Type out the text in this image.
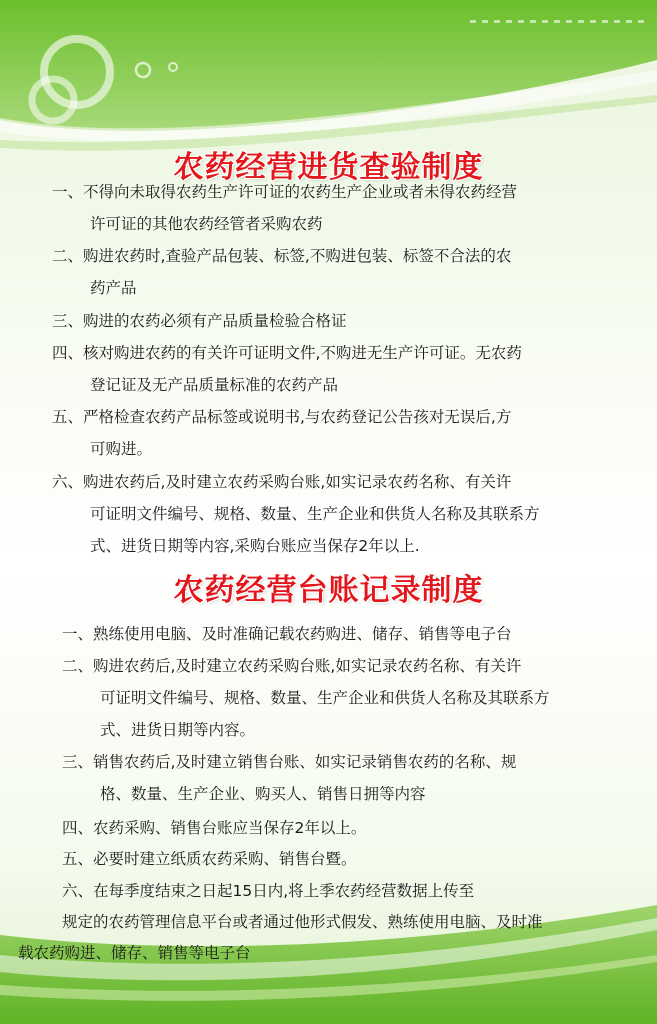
农药经营进货查验制度
一、不得向未取得农药生产许可证的农药生产企业或者未得农药经营
许可证的其他农药经管者采购农药
二、购进农药时,查验产品包装、标签,不购进包装、标签不合法的农
药产品
三、购进的农药必须有产品质量检验合格证
四、核对购进农药的有关许可证明文件,不购进无生产许可证。无农药
登记证及无产品质量标准的农药产品
五、严格检查农药产品标签或说明书,与农药登记公告孩对无误后,方
可购进。
六、购进农药后,及时建立农药采购台账,如实记录农药名称、有关许
可证明文件编号、规格、数量、生产企业和供货人名称及其联系方
式、进货日期等内容,采购台账应当保存2年以上.
农药经营台账记录制度
一、熟练使用电脑、及时准确记载农药购进、储存、销售等电子台
二、购进农药后,及时建立农药采购台账,如实记录农药名称、有关许
可证明文件编号、规格、数量、生产企业和供货人名称及其联系方
式、进货日期等内容。
三、销售农药后,及时建立销售台账、如实记录销售农药的名称、规
格、数量、生产企业、购买人、销售日拥等内容
四、农药采购、销售台账应当保存2年以上。
五、必要时建立纸质农药采购、销售台暨。
六、在每季度结束之日起15日内,将上季农药经营数据上传至
规定的农药管理信息平台或者通过他形式假发、熟练使用电脑、及时准
载农药购进、储存、销售等电子台
